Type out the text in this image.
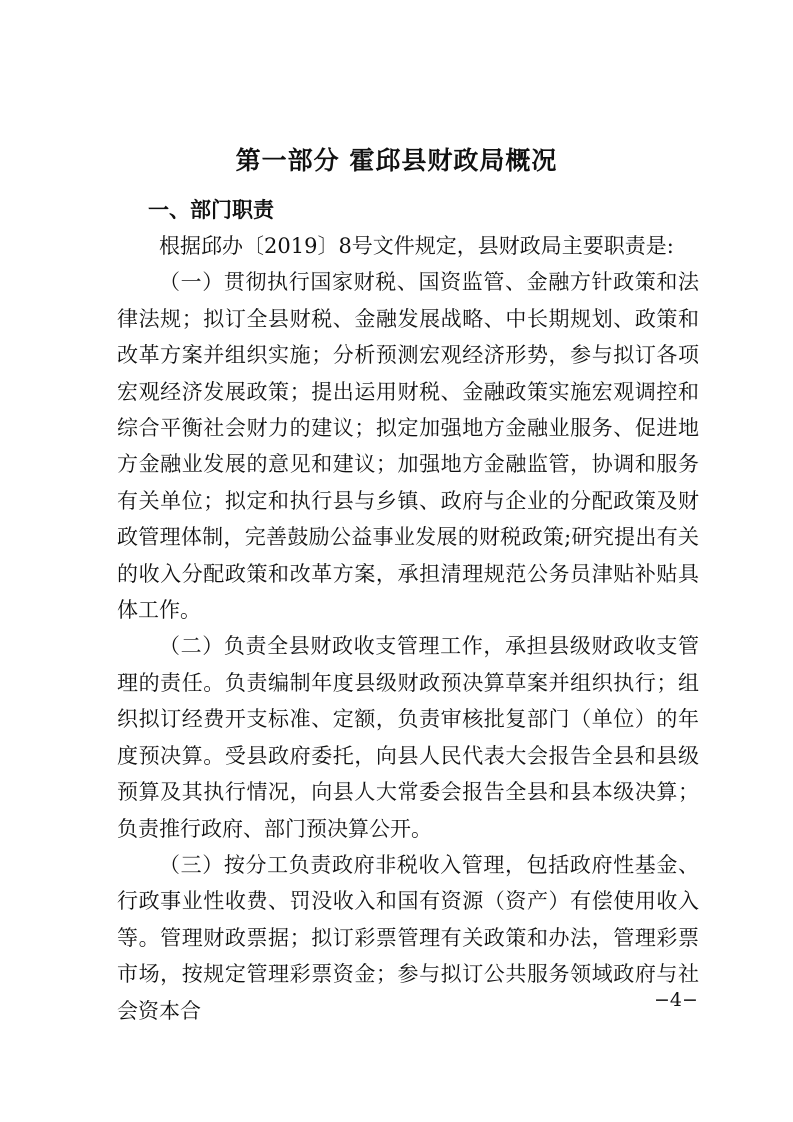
第一部分 霍邱县财政局概况
一、部门职责

根据邱办〔2019〕8号文件规定，县财政局主要职责是:

（一）贯彻执行国家财税、国资监管、金融方针政策和法律法规；拟订全县财税、金融发展战略、中长期规划、政策和改革方案并组织实施；分析预测宏观经济形势，参与拟订各项宏观经济发展政策；提出运用财税、金融政策实施宏观调控和综合平衡社会财力的建议；拟定加强地方金融业服务、促进地方金融业发展的意见和建议；加强地方金融监管，协调和服务有关单位；拟定和执行县与乡镇、政府与企业的分配政策及财政管理体制，完善鼓励公益事业发展的财税政策;研究提出有关的收入分配政策和改革方案，承担清理规范公务员津贴补贴具体工作。

（二）负责全县财政收支管理工作，承担县级财政收支管理的责任。负责编制年度县级财政预决算草案并组织执行；组织拟订经费开支标准、定额，负责审核批复部门（单位）的年度预决算。受县政府委托，向县人民代表大会报告全县和县级预算及其执行情况，向县人大常委会报告全县和县本级决算；负责推行政府、部门预决算公开。

（三）按分工负责政府非税收入管理，包括政府性基金、行政事业性收费、罚没收入和国有资源（资产）有偿使用收入等。管理财政票据；拟订彩票管理有关政策和办法，管理彩票市场，按规定管理彩票资金；参与拟订公共服务领域政府与社会资本合	−4−
